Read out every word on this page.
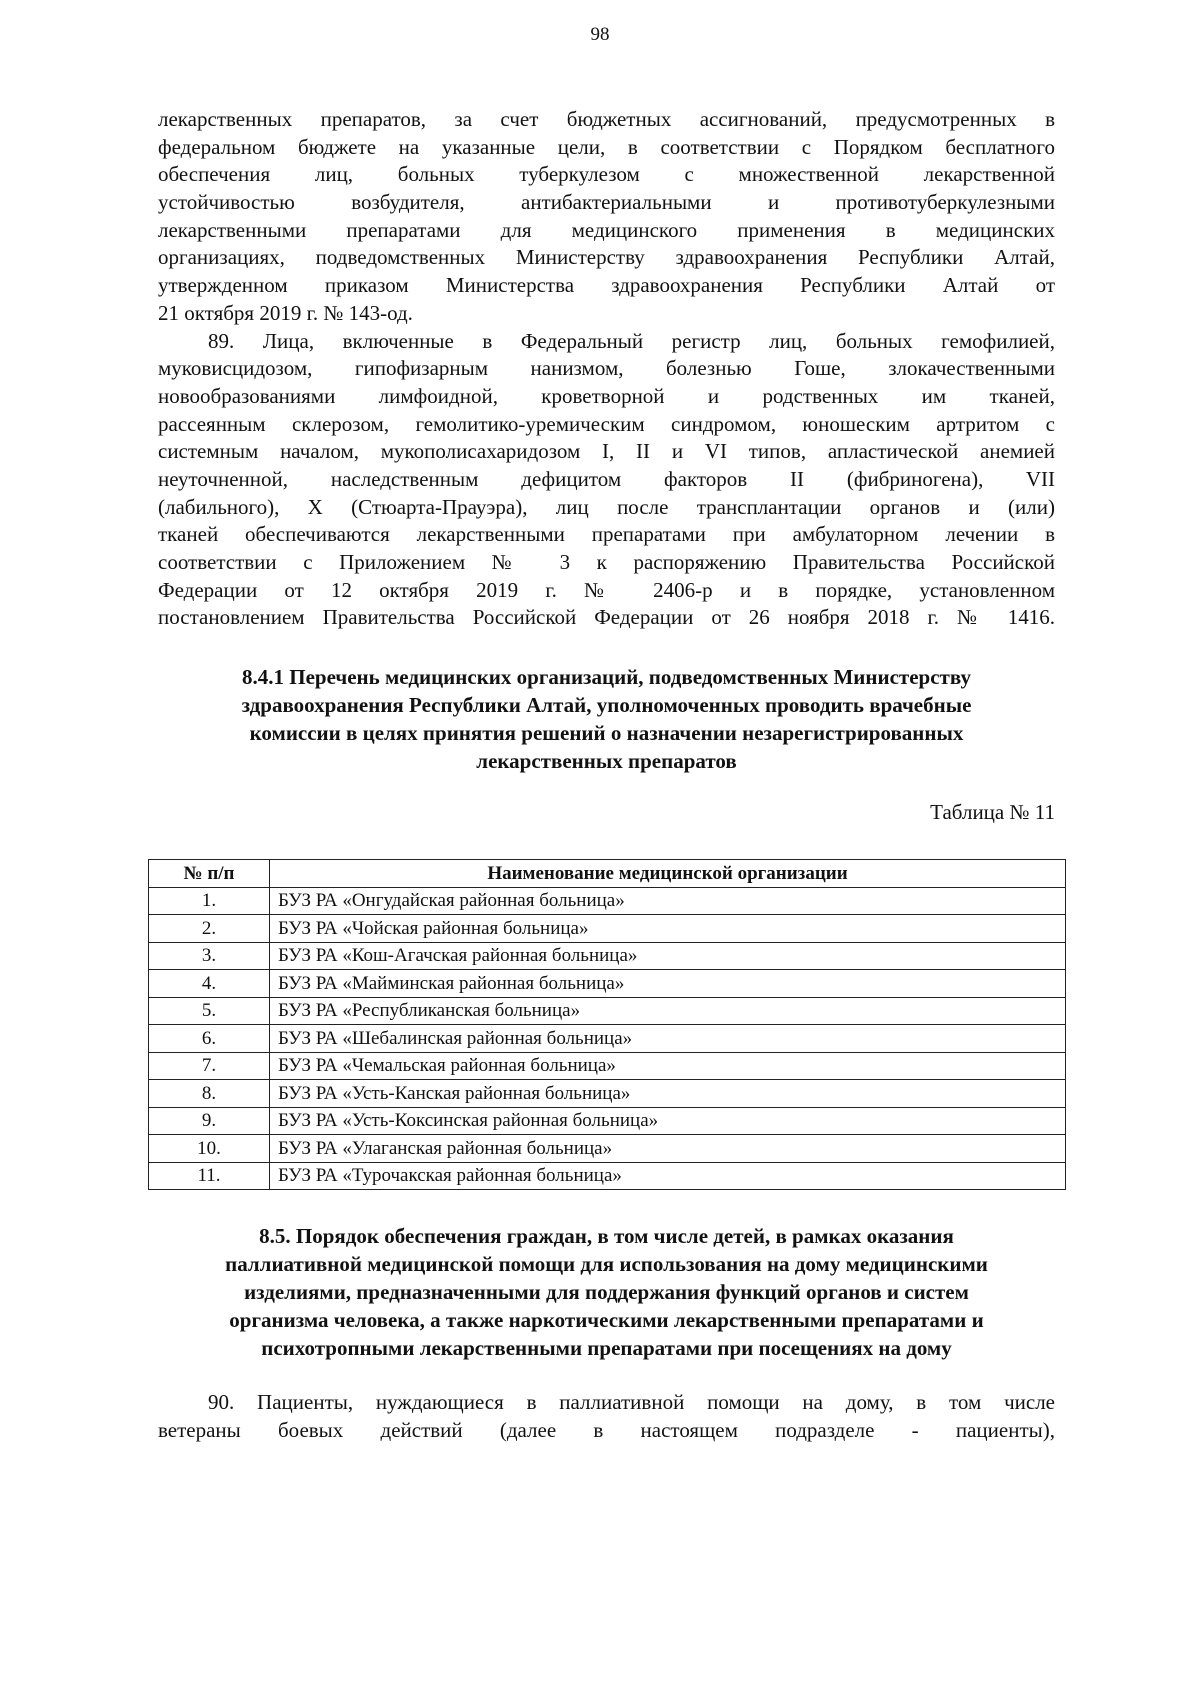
98
лекарственных препаратов, за счет бюджетных ассигнований, предусмотренных в
федеральном бюджете на указанные цели, в соответствии с Порядком бесплатного
обеспечения лиц, больных туберкулезом с множественной лекарственной
устойчивостью возбудителя, антибактериальными и противотуберкулезными
лекарственными препаратами для медицинского применения в медицинских
организациях, подведомственных Министерству здравоохранения Республики Алтай,
утвержденном приказом Министерства здравоохранения Республики Алтай от
21 октября 2019 г. № 143-од.
89. Лица, включенные в Федеральный регистр лиц, больных гемофилией,
муковисцидозом, гипофизарным нанизмом, болезнью Гоше, злокачественными
новообразованиями лимфоидной, кроветворной и родственных им тканей,
рассеянным склерозом, гемолитико-уремическим синдромом, юношеским артритом с
системным началом, мукополисахаридозом I, II и VI типов, апластической анемией
неуточненной, наследственным дефицитом факторов II (фибриногена), VII
(лабильного), X (Стюарта-Прауэра), лиц после трансплантации органов и (или)
тканей обеспечиваются лекарственными препаратами при амбулаторном лечении в
соответствии с Приложением № 3 к распоряжению Правительства Российской
Федерации от 12 октября 2019 г. № 2406-р и в порядке, установленном
постановлением Правительства Российской Федерации от 26 ноября 2018 г. № 1416.
8.4.1 Перечень медицинских организаций, подведомственных Министерству
здравоохранения Республики Алтай, уполномоченных проводить врачебные
комиссии в целях принятия решений о назначении незарегистрированных
лекарственных препаратов
Таблица № 11
№ п/п	Наименование медицинской организации
1.	БУЗ РА «Онгудайская районная больница»
2.	БУЗ РА «Чойская районная больница»
3.	БУЗ РА «Кош-Агачская районная больница»
4.	БУЗ РА «Майминская районная больница»
5.	БУЗ РА «Республиканская больница»
6.	БУЗ РА «Шебалинская районная больница»
7.	БУЗ РА «Чемальская районная больница»
8.	БУЗ РА «Усть-Канская районная больница»
9.	БУЗ РА «Усть-Коксинская районная больница»
10.	БУЗ РА «Улаганская районная больница»
11.	БУЗ РА «Турочакская районная больница»
8.5. Порядок обеспечения граждан, в том числе детей, в рамках оказания
паллиативной медицинской помощи для использования на дому медицинскими
изделиями, предназначенными для поддержания функций органов и систем
организма человека, а также наркотическими лекарственными препаратами и
психотропными лекарственными препаратами при посещениях на дому
90. Пациенты, нуждающиеся в паллиативной помощи на дому, в том числе
ветераны боевых действий (далее в настоящем подразделе - пациенты),
